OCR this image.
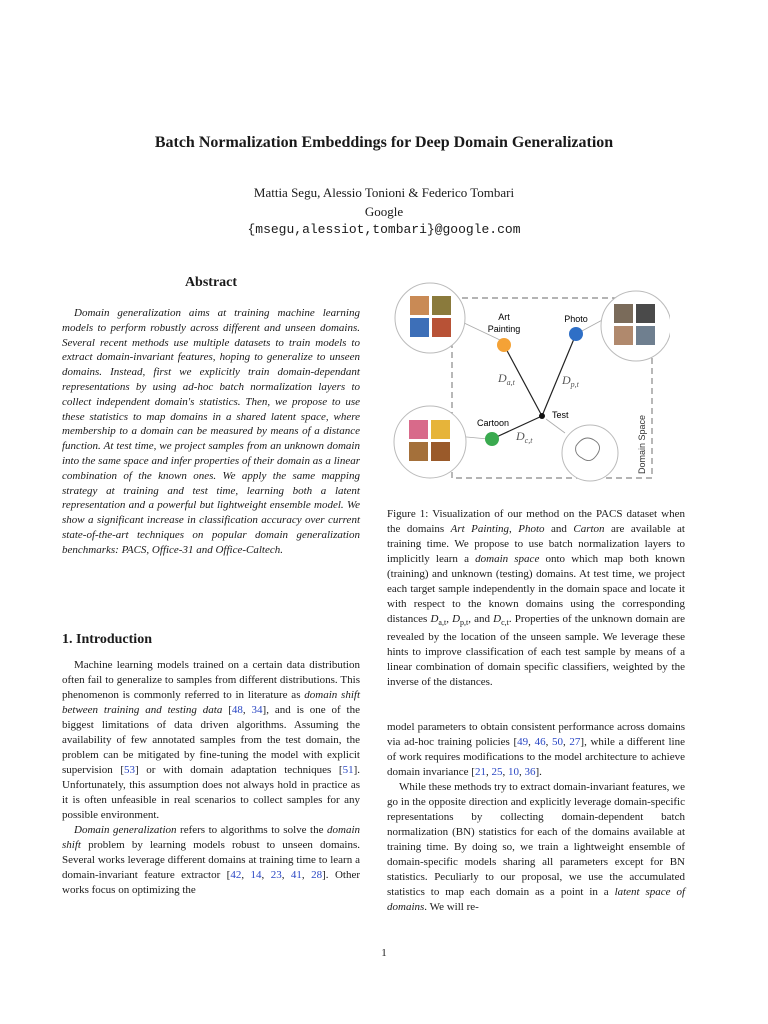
Batch Normalization Embeddings for Deep Domain Generalization
Mattia Segu, Alessio Tonioni & Federico Tombari
Google
{msegu,alessiot,tombari}@google.com
Abstract

Domain generalization aims at training machine learning models to perform robustly across different and unseen domains. Several recent methods use multiple datasets to train models to extract domain-invariant features, hoping to generalize to unseen domains. Instead, first we explicitly train domain-dependant representations by using ad-hoc batch normalization layers to collect independent domain's statistics. Then, we propose to use these statistics to map domains in a shared latent space, where membership to a domain can be measured by means of a distance function. At test time, we project samples from an unknown domain into the same space and infer properties of their domain as a linear combination of the known ones. We apply the same mapping strategy at training and test time, learning both a latent representation and a powerful but lightweight ensemble model. We show a significant increase in classification accuracy over current state-of-the-art techniques on popular domain generalization benchmarks: PACS, Office-31 and Office-Caltech.

1. Introduction

Machine learning models trained on a certain data distribution often fail to generalize to samples from different distributions. This phenomenon is commonly referred to in literature as domain shift between training and testing data [48, 34], and is one of the biggest limitations of data driven algorithms. Assuming the availability of few annotated samples from the test domain, the problem can be mitigated by fine-tuning the model with explicit supervision [53] or with domain adaptation techniques [51]. Unfortunately, this assumption does not always hold in practice as it is often unfeasible in real scenarios to collect samples for any possible environment.

Domain generalization refers to algorithms to solve the domain shift problem by learning models robust to unseen domains. Several works leverage different domains at training time to learn a domain-invariant feature extractor [42, 14, 23, 41, 28]. Other works focus on optimizing the

Art
Painting
Photo
Cartoon
Test
$D_{a,t}$	$D_{p,t}$
$D_{c,t}$	Domain Space

Figure 1: Visualization of our method on the PACS dataset when the domains Art Painting, Photo and Carton are available at training time. We propose to use batch normalization layers to implicitly learn a domain space onto which map both known (training) and unknown (testing) domains. At test time, we project each target sample independently in the domain space and locate it with respect to the known domains using the corresponding distances $D_{a,t}$, $D_{p,t}$, and $D_{c,t}$. Properties of the unknown domain are revealed by the location of the unseen sample. We leverage these hints to improve classification of each test sample by means of a linear combination of domain specific classifiers, weighted by the inverse of the distances.

model parameters to obtain consistent performance across domains via ad-hoc training policies [49, 46, 50, 27], while a different line of work requires modifications to the model architecture to achieve domain invariance [21, 25, 10, 36].

While these methods try to extract domain-invariant features, we go in the opposite direction and explicitly leverage domain-specific representations by collecting domain-dependent batch normalization (BN) statistics for each of the domains available at training time. By doing so, we train a lightweight ensemble of domain-specific models sharing all parameters except for BN statistics. Peculiarly to our proposal, we use the accumulated statistics to map each domain as a point in a latent space of domains. We will re-

1
